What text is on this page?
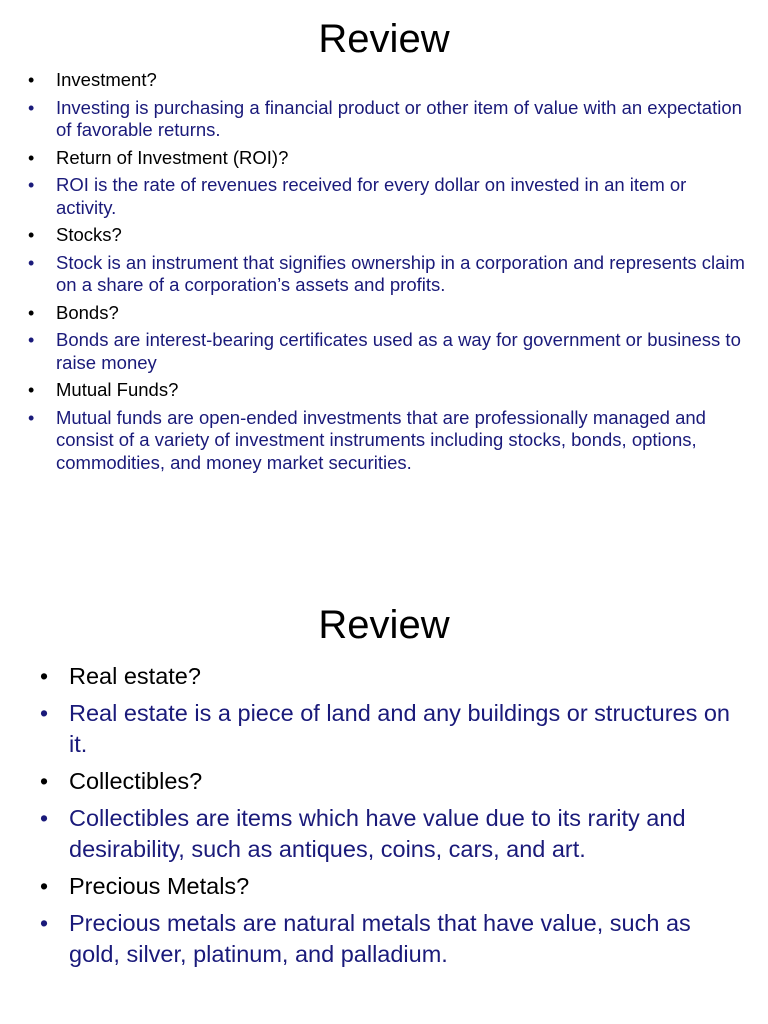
Review
• Investment?
• Investing is purchasing a financial product or other item of value with an expectation of favorable returns.
• Return of Investment (ROI)?
• ROI is the rate of revenues received for every dollar on invested in an item or activity.
• Stocks?
• Stock is an instrument that signifies ownership in a corporation and represents claim on a share of a corporation’s assets and profits.
• Bonds?
• Bonds are interest-bearing certificates used as a way for government or business to raise money
• Mutual Funds?
• Mutual funds are open-ended investments that are professionally managed and consist of a variety of investment instruments including stocks, bonds, options, commodities, and money market securities.
Review
• Real estate?
• Real estate is a piece of land and any buildings or structures on it.
• Collectibles?
• Collectibles are items which have value due to its rarity and desirability, such as antiques, coins, cars, and art.
• Precious Metals?
• Precious metals are natural metals that have value, such as gold, silver, platinum, and palladium.
